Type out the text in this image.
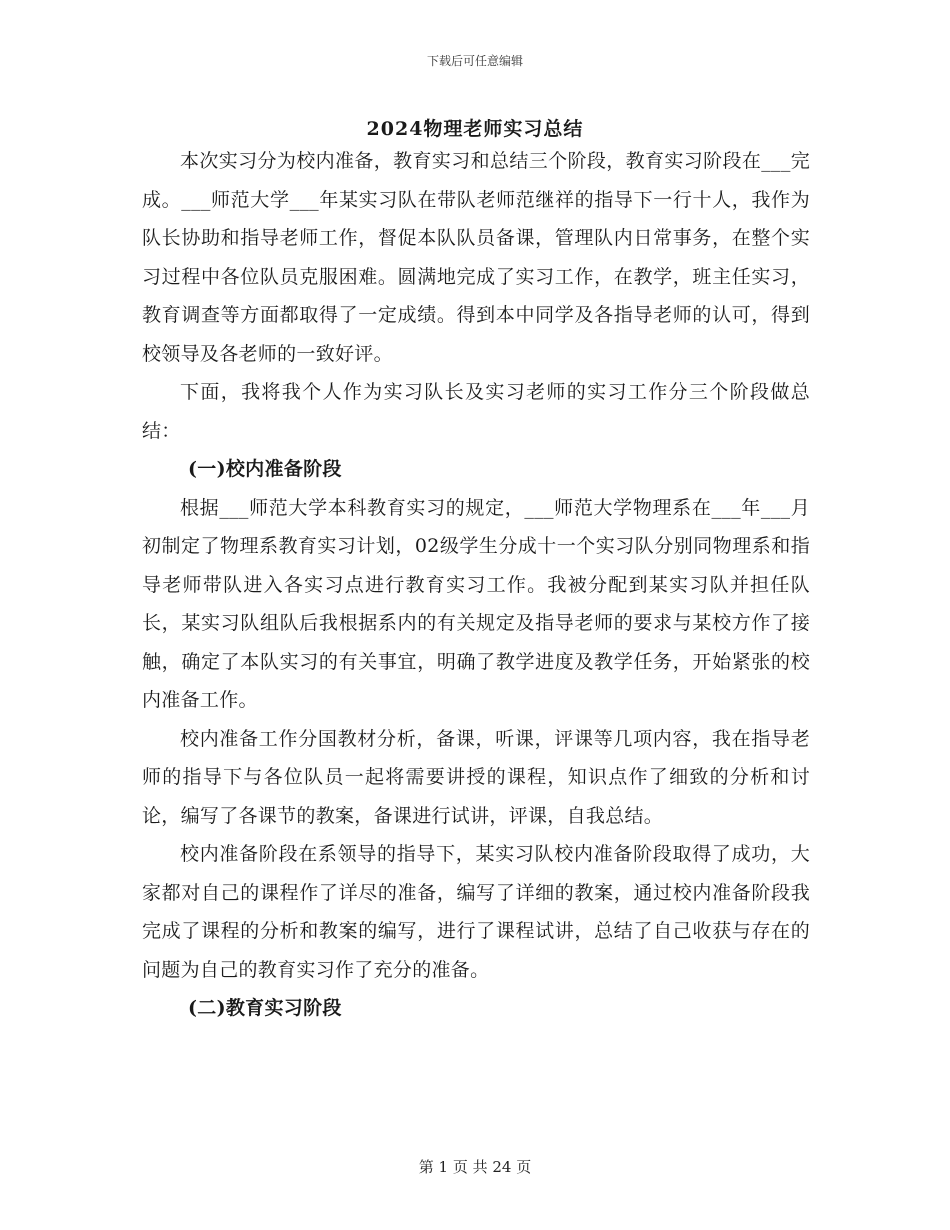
下载后可任意编辑
2024物理老师实习总结

本次实习分为校内准备，教育实习和总结三个阶段，教育实习阶段在___完成。___师范大学___年某实习队在带队老师范继祥的指导下一行十人，我作为队长协助和指导老师工作，督促本队队员备课，管理队内日常事务，在整个实习过程中各位队员克服困难。圆满地完成了实习工作，在教学，班主任实习，教育调查等方面都取得了一定成绩。得到本中同学及各指导老师的认可，得到校领导及各老师的一致好评。

下面，我将我个人作为实习队长及实习老师的实习工作分三个阶段做总结：

(一)校内准备阶段

根据___师范大学本科教育实习的规定，___师范大学物理系在___年___月初制定了物理系教育实习计划，02级学生分成十一个实习队分别同物理系和指导老师带队进入各实习点进行教育实习工作。我被分配到某实习队并担任队长，某实习队组队后我根据系内的有关规定及指导老师的要求与某校方作了接触，确定了本队实习的有关事宜，明确了教学进度及教学任务，开始紧张的校内准备工作。

校内准备工作分国教材分析，备课，听课，评课等几项内容，我在指导老师的指导下与各位队员一起将需要讲授的课程，知识点作了细致的分析和讨论，编写了各课节的教案，备课进行试讲，评课，自我总结。

校内准备阶段在系领导的指导下，某实习队校内准备阶段取得了成功，大家都对自己的课程作了详尽的准备，编写了详细的教案，通过校内准备阶段我完成了课程的分析和教案的编写，进行了课程试讲，总结了自己收获与存在的问题为自己的教育实习作了充分的准备。

(二)教育实习阶段
第 1 页 共 24 页
